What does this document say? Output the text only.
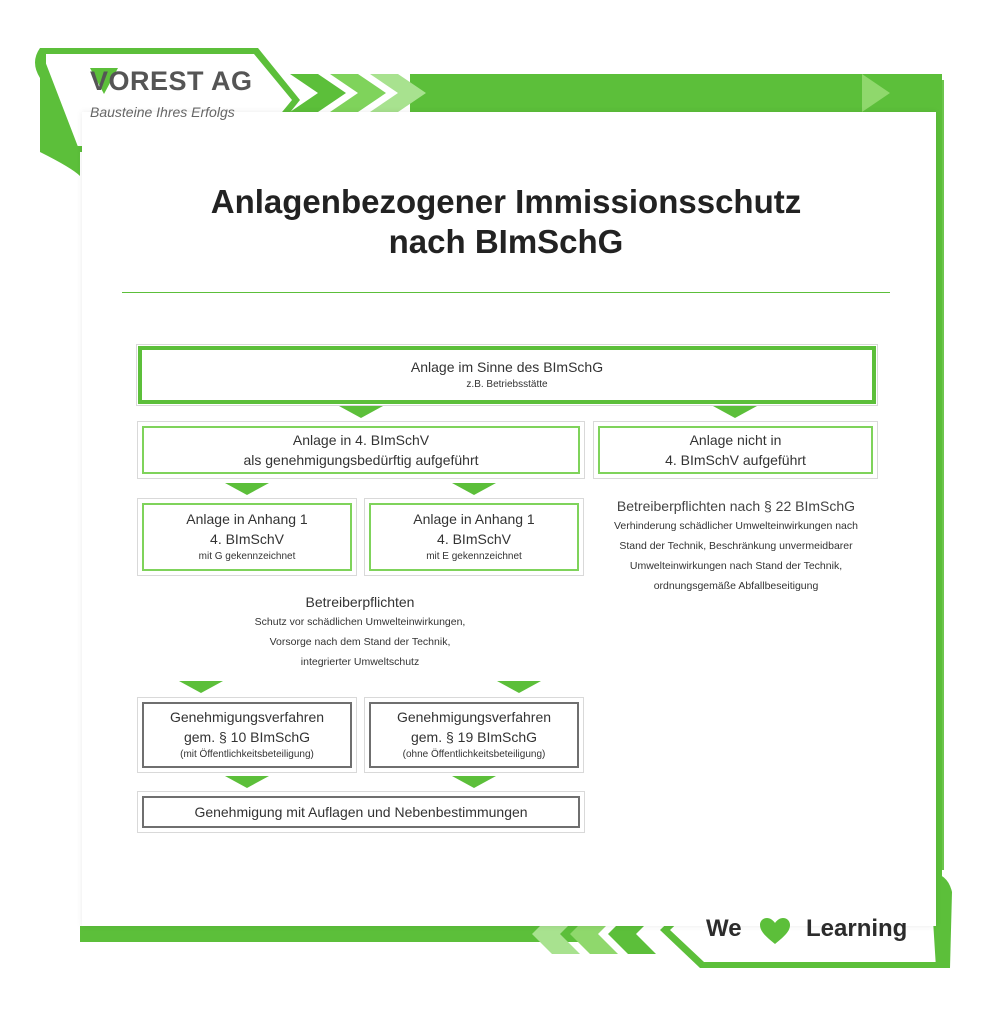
VOREST AG
Bausteine Ihres Erfolgs
Anlagenbezogener Immissionsschutz
nach BImSchG
Anlage im Sinne des BImSchG
z.B. Betriebsstätte
Anlage in 4. BImSchV
als genehmigungsbedürftig aufgeführt
Anlage nicht in
4. BImSchV aufgeführt
Anlage in Anhang 1
4. BImSchV
mit G gekennzeichnet
Anlage in Anhang 1
4. BImSchV
mit E gekennzeichnet
Betreiberpflichten nach § 22 BImSchG
Verhinderung schädlicher Umwelteinwirkungen nach
Stand der Technik, Beschränkung unvermeidbarer
Umwelteinwirkungen nach Stand der Technik,
ordnungsgemäße Abfallbeseitigung
Betreiberpflichten
Schutz vor schädlichen Umwelteinwirkungen,
Vorsorge nach dem Stand der Technik,
integrierter Umweltschutz
Genehmigungsverfahren
gem. § 10 BImSchG
(mit Öffentlichkeitsbeteiligung)
Genehmigungsverfahren
gem. § 19 BImSchG
(ohne Öffentlichkeitsbeteiligung)
Genehmigung mit Auflagen und Nebenbestimmungen
We	Learning
